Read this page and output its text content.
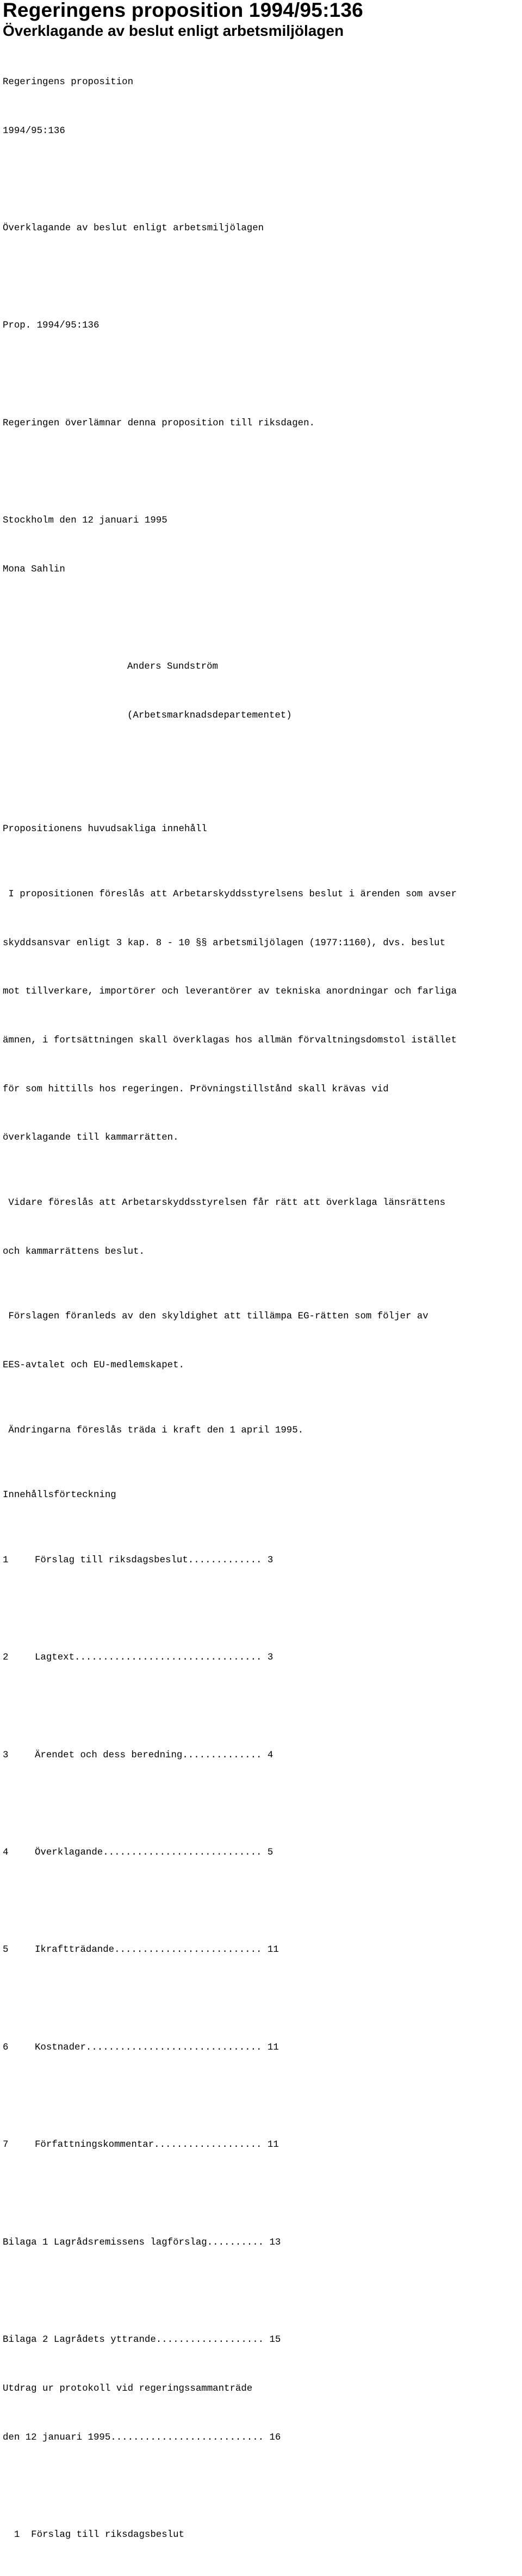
Regeringens proposition 1994/95:136
Överklagande av beslut enligt arbetsmiljölagen

Regeringens proposition

1994/95:136

Överklagande av beslut enligt arbetsmiljölagen

Prop. 1994/95:136

Regeringen överlämnar denna proposition till riksdagen.

Stockholm den 12 januari 1995

Mona Sahlin

Anders Sundström

(Arbetsmarknadsdepartementet)

Propositionens huvudsakliga innehåll

I propositionen föreslås att Arbetarskyddsstyrelsens beslut i ärenden som avser

skyddsansvar enligt 3 kap. 8 - 10 §§ arbetsmiljölagen (1977:1160), dvs. beslut

mot tillverkare, importörer och leverantörer av tekniska anordningar och farliga

ämnen, i fortsättningen skall överklagas hos allmän förvaltningsdomstol istället

för som hittills hos regeringen. Prövningstillstånd skall krävas vid

överklagande till kammarrätten.

Vidare föreslås att Arbetarskyddsstyrelsen får rätt att överklaga länsrättens

och kammarrättens beslut.

Förslagen föranleds av den skyldighet att tillämpa EG-rätten som följer av

EES-avtalet och EU-medlemskapet.

Ändringarna föreslås träda i kraft den 1 april 1995.

Innehållsförteckning

1	Förslag till riksdagsbeslut............. 3

2	Lagtext................................. 3

3	Ärendet och dess beredning.............. 4

4	Överklagande............................ 5

5	Ikraftträdande.......................... 11

6	Kostnader............................... 11

7	Författningskommentar................... 11

Bilaga 1 Lagrådsremissens lagförslag.......... 13

Bilaga 2 Lagrådets yttrande................... 15

Utdrag ur protokoll vid regeringssammanträde

den 12 januari 1995........................... 16

1  Förslag till riksdagsbeslut
